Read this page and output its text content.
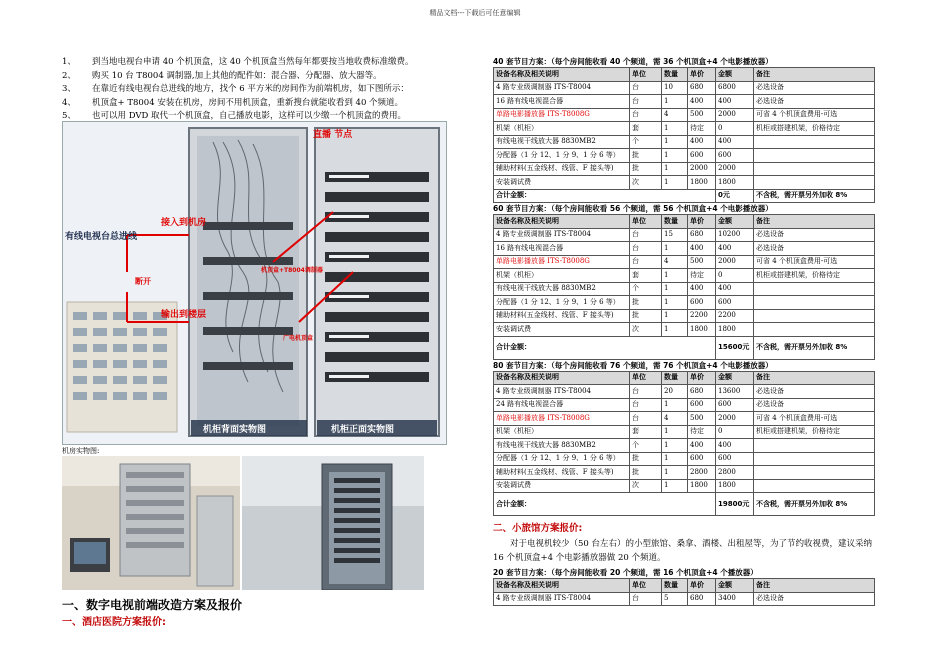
精品文档---下载后可任意编辑
1、	到当地电视台申请 40 个机顶盒，这 40 个机顶盒当然每年都要按当地收费标准缴费。
2、	购买 10 台 T8004 调制器,加上其他的配件如：混合器、分配器、放大器等。
3、	在靠近有线电视台总进线的地方，找个 6 平方米的房间作为前端机房，如下图所示：
4、	机顶盒+ T8004 安装在机房，房间不用机顶盒，重新搜台就能收看到 40 个频道。
5、	也可以用 DVD 取代一个机顶盒，自己播放电影，这样可以少缴一个机顶盒的费用。
有线电视台总进线
接入到机房
断开
输出到楼层
机顶盒+T8004调制器
广电机顶盒
直播 节点
机柜背面实物图	机柜正面实物图
机房实物图:
一、数字电视前端改造方案及报价
一、酒店医院方案报价:
40 套节目方案：（每个房间能收看 40 个频道，需 36 个机顶盒+4 个电影播放器）
设备名称及相关说明	单位	数量	单价	金额	备注
4 路专业级调制器 ITS-T8004	台	10	680	6800	必选设备
16 路有线电视混合器	台	1	400	400	必选设备
单路电影播放器 ITS-T8008G	台	4	500	2000	可省 4 个机顶盒费用-可选
机架（机柜）	套	1	待定	0	机柜或搭建机架，价格待定
有线电视干线放大器 8830MB2	个	1	400	400	
分配器（1 分 12、1 分 9、1 分 6 等）	批	1	600	600	
辅助材料(五金线材、线管、F 接头等)	批	1	2000	2000	
安装调试费	次	1	1800	1800	
合计金额：				0元	不含税，需开票另外加收 8%
60 套节目方案：（每个房间能收看 56 个频道，需 56 个机顶盒+4 个电影播放器）
设备名称及相关说明	单位	数量	单价	金额	备注
4 路专业级调制器 ITS-T8004	台	15	680	10200	必选设备
16 路有线电视混合器	台	1	400	400	必选设备
单路电影播放器 ITS-T8008G	台	4	500	2000	可省 4 个机顶盒费用-可选
机架（机柜）	套	1	待定	0	机柜或搭建机架，价格待定
有线电视干线放大器 8830MB2	个	1	400	400	
分配器（1 分 12、1 分 9、1 分 6 等）	批	1	600	600	
辅助材料(五金线材、线管、F 接头等)	批	1	2200	2200	
安装调试费	次	1	1800	1800	
合计金额：				15600元	不含税，需开票另外加收 8%
80 套节目方案：（每个房间能收看 76 个频道，需 76 个机顶盒+4 个电影播放器）
设备名称及相关说明	单位	数量	单价	金额	备注
4 路专业级调制器 ITS-T8004	台	20	680	13600	必选设备
24 路有线电视混合器	台	1	600	600	必选设备
单路电影播放器 ITS-T8008G	台	4	500	2000	可省 4 个机顶盒费用-可选
机架（机柜）	套	1	待定	0	机柜或搭建机架，价格待定
有线电视干线放大器 8830MB2	个	1	400	400	
分配器（1 分 12、1 分 9、1 分 6 等）	批	1	600	600	
辅助材料(五金线材、线管、F 接头等)	批	1	2800	2800	
安装调试费	次	1	1800	1800	
合计金额：				19800元	不含税，需开票另外加收 8%
二、小旅馆方案报价:

对于电视机较少（50 台左右）的小型旅馆、桑拿、酒楼、出租屋等，为了节约收视费，建议采纳 16 个机顶盒+4 个电影播放器做 20 个频道。

20 套节目方案：（每个房间能收看 20 个频道，需 16 个机顶盒+4 个播放器）
设备名称及相关说明	单位	数量	单价	金额	备注
4 路专业级调制器 ITS-T8004	台	5	680	3400	必选设备
